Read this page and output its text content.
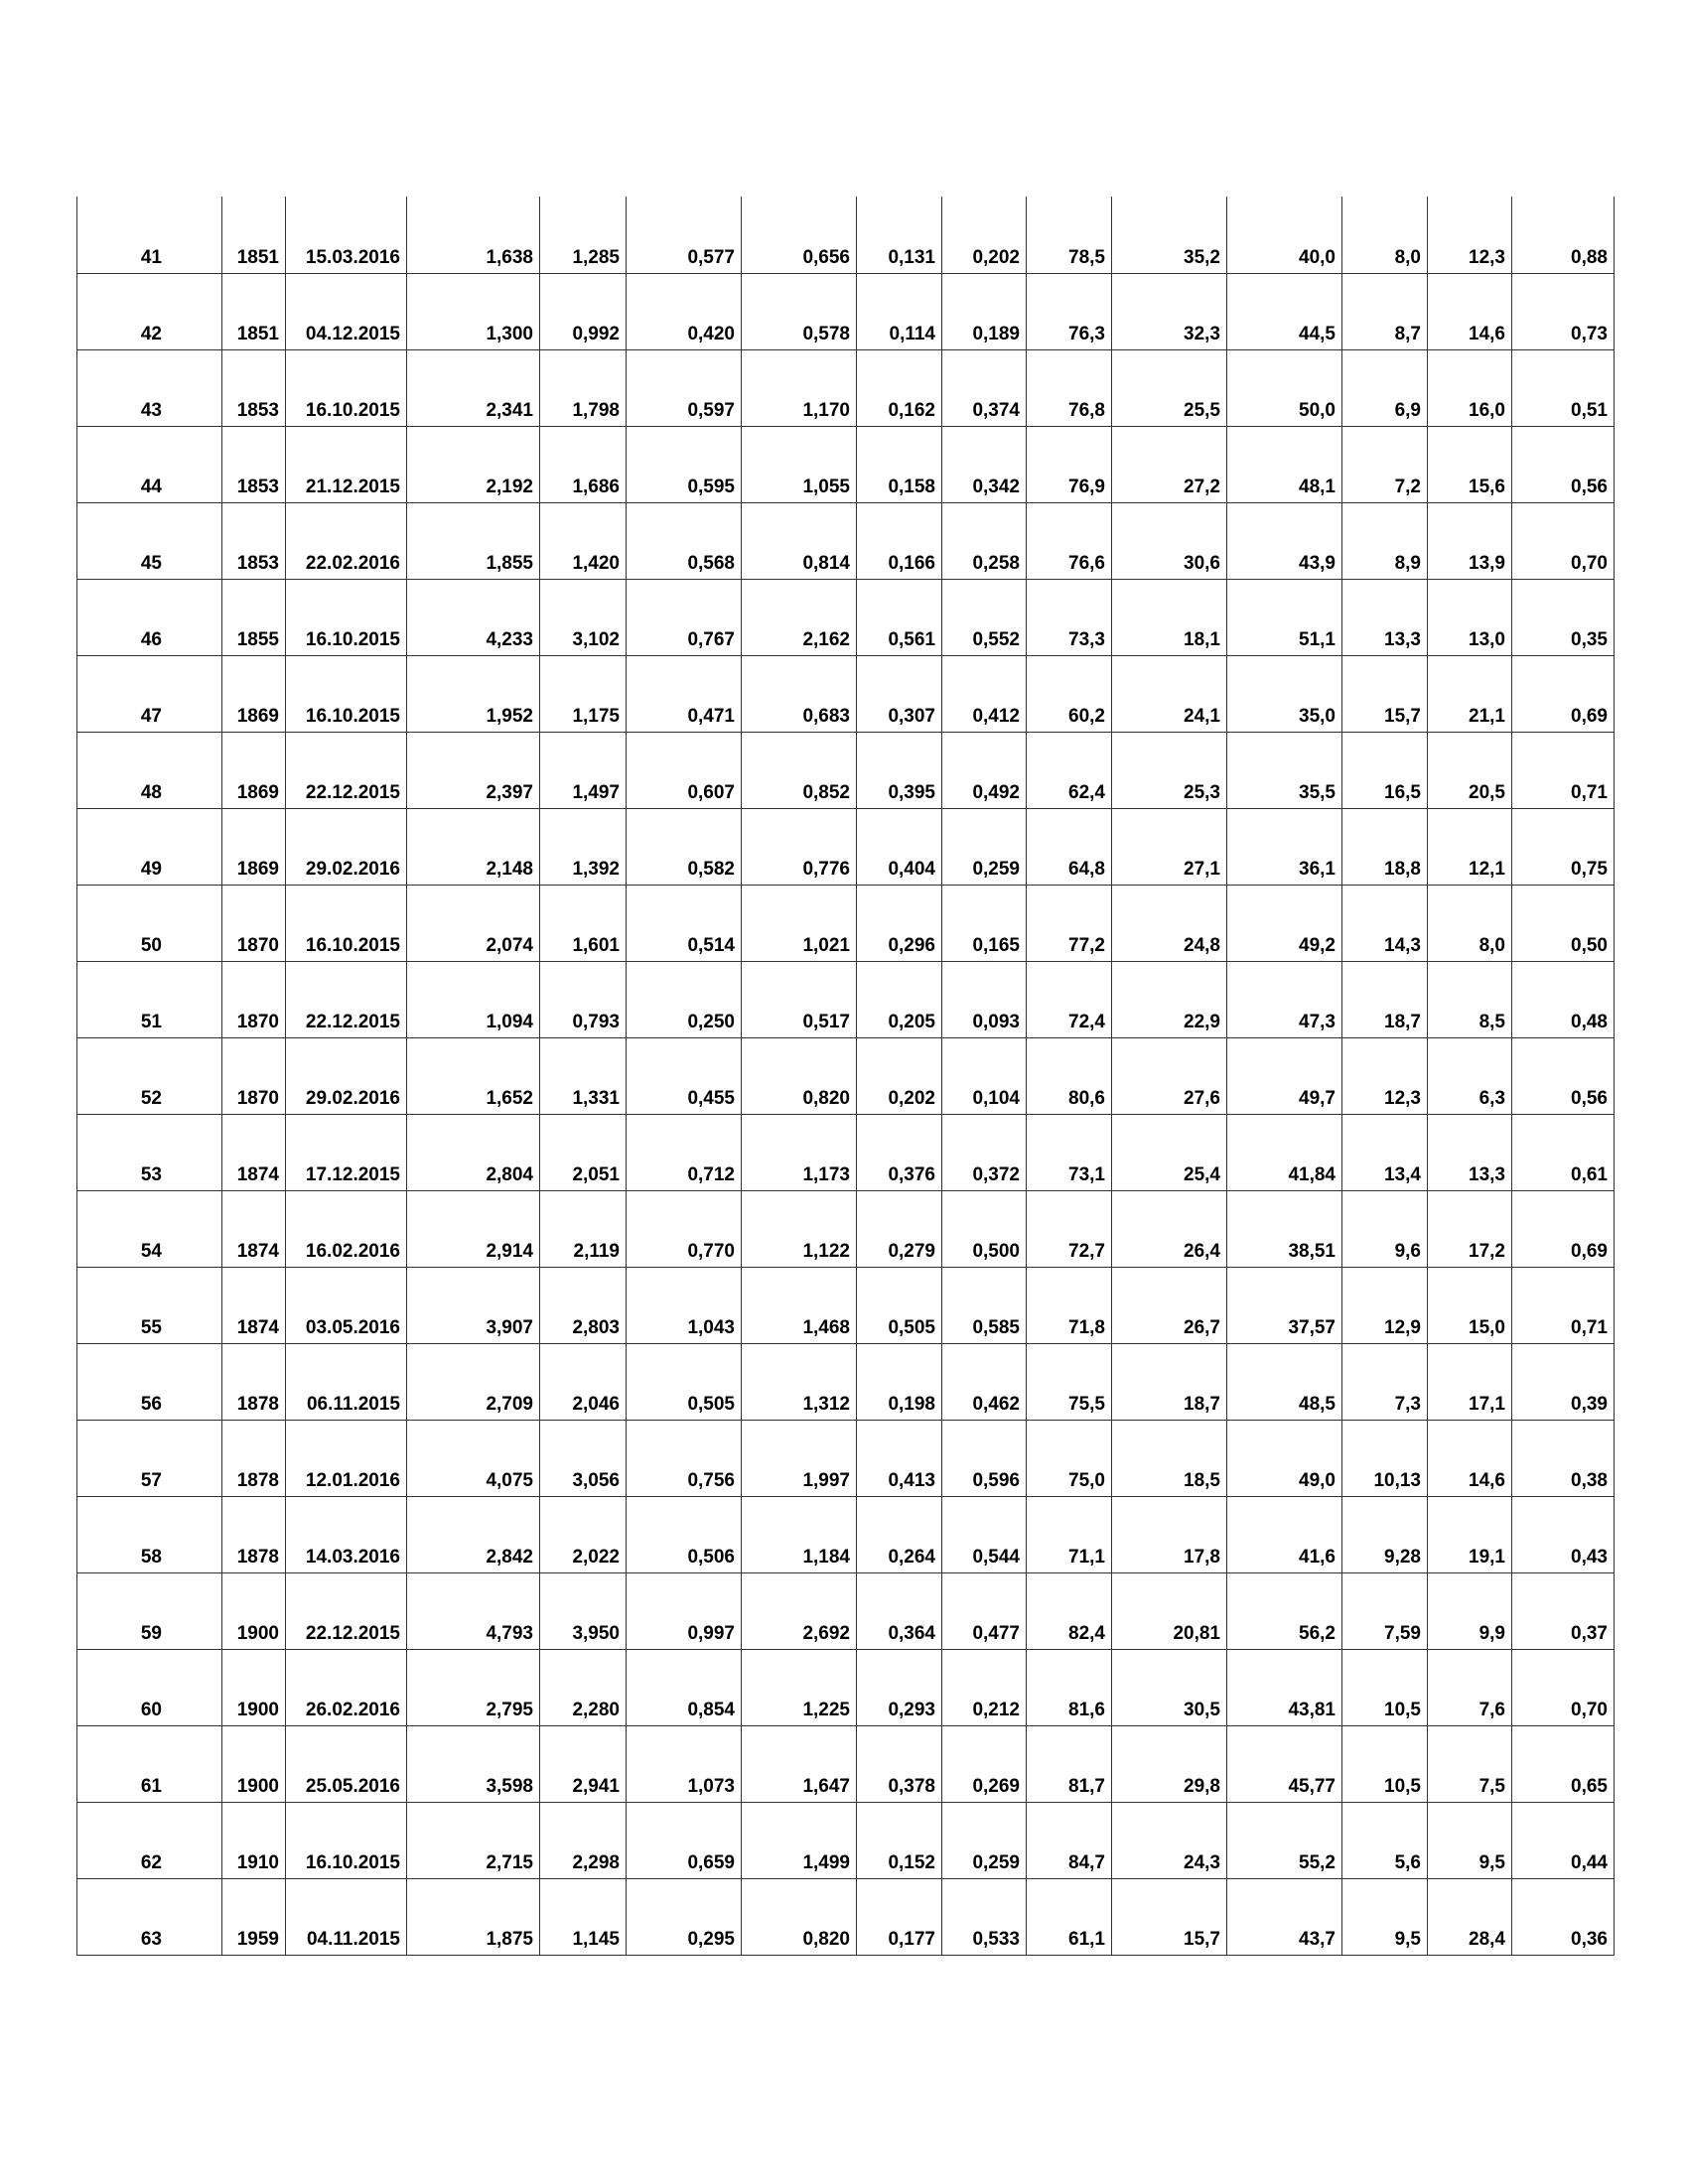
41	1851	15.03.2016	1,638	1,285	0,577	0,656	0,131	0,202	78,5	35,2	40,0	8,0	12,3	0,88
42	1851	04.12.2015	1,300	0,992	0,420	0,578	0,114	0,189	76,3	32,3	44,5	8,7	14,6	0,73
43	1853	16.10.2015	2,341	1,798	0,597	1,170	0,162	0,374	76,8	25,5	50,0	6,9	16,0	0,51
44	1853	21.12.2015	2,192	1,686	0,595	1,055	0,158	0,342	76,9	27,2	48,1	7,2	15,6	0,56
45	1853	22.02.2016	1,855	1,420	0,568	0,814	0,166	0,258	76,6	30,6	43,9	8,9	13,9	0,70
46	1855	16.10.2015	4,233	3,102	0,767	2,162	0,561	0,552	73,3	18,1	51,1	13,3	13,0	0,35
47	1869	16.10.2015	1,952	1,175	0,471	0,683	0,307	0,412	60,2	24,1	35,0	15,7	21,1	0,69
48	1869	22.12.2015	2,397	1,497	0,607	0,852	0,395	0,492	62,4	25,3	35,5	16,5	20,5	0,71
49	1869	29.02.2016	2,148	1,392	0,582	0,776	0,404	0,259	64,8	27,1	36,1	18,8	12,1	0,75
50	1870	16.10.2015	2,074	1,601	0,514	1,021	0,296	0,165	77,2	24,8	49,2	14,3	8,0	0,50
51	1870	22.12.2015	1,094	0,793	0,250	0,517	0,205	0,093	72,4	22,9	47,3	18,7	8,5	0,48
52	1870	29.02.2016	1,652	1,331	0,455	0,820	0,202	0,104	80,6	27,6	49,7	12,3	6,3	0,56
53	1874	17.12.2015	2,804	2,051	0,712	1,173	0,376	0,372	73,1	25,4	41,84	13,4	13,3	0,61
54	1874	16.02.2016	2,914	2,119	0,770	1,122	0,279	0,500	72,7	26,4	38,51	9,6	17,2	0,69
55	1874	03.05.2016	3,907	2,803	1,043	1,468	0,505	0,585	71,8	26,7	37,57	12,9	15,0	0,71
56	1878	06.11.2015	2,709	2,046	0,505	1,312	0,198	0,462	75,5	18,7	48,5	7,3	17,1	0,39
57	1878	12.01.2016	4,075	3,056	0,756	1,997	0,413	0,596	75,0	18,5	49,0	10,13	14,6	0,38
58	1878	14.03.2016	2,842	2,022	0,506	1,184	0,264	0,544	71,1	17,8	41,6	9,28	19,1	0,43
59	1900	22.12.2015	4,793	3,950	0,997	2,692	0,364	0,477	82,4	20,81	56,2	7,59	9,9	0,37
60	1900	26.02.2016	2,795	2,280	0,854	1,225	0,293	0,212	81,6	30,5	43,81	10,5	7,6	0,70
61	1900	25.05.2016	3,598	2,941	1,073	1,647	0,378	0,269	81,7	29,8	45,77	10,5	7,5	0,65
62	1910	16.10.2015	2,715	2,298	0,659	1,499	0,152	0,259	84,7	24,3	55,2	5,6	9,5	0,44
63	1959	04.11.2015	1,875	1,145	0,295	0,820	0,177	0,533	61,1	15,7	43,7	9,5	28,4	0,36
